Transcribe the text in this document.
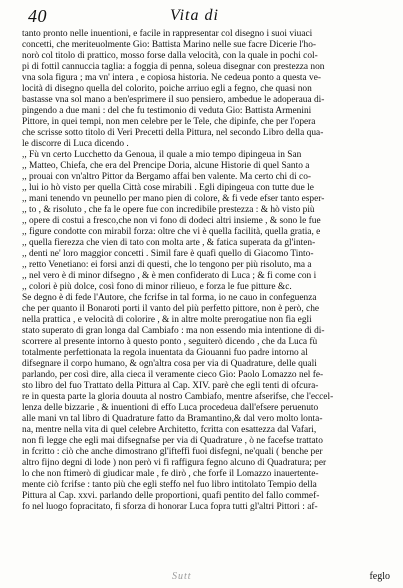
40	Vita di
tanto pronto nelle inuentioni, e facile in rappresentar col disegno i suoi viuaci
concetti, che meriteuolmente Gio: Battista Marino nelle sue facre Dicerie l'ho-
norò col titolo di prattico, mosso forse dalla velocità, con la quale in pochi col-
pi di fottil cannuccia taglia: a foggia di penna, soleua disegnar con prestezza non
vna sola figura ; ma vn' intera , e copiosa historia. Ne cedeua ponto a questa ve-
locità di disegno quella del colorito, poiche arriuo egli a fegno, che quasi non
bastasse vna sol mano a ben'esprimere il suo pensiero, ambedue le adoperaua di-
pingendo a due mani : del che fu testimonio di veduta Gio: Battista Armenini
Pittore, in quei tempi, non men celebre per le Tele, che dipinfe, che per l'opera
che scrisse sotto titolo di Veri Precetti della Pittura, nel secondo Libro della qua-
le discorre di Luca dicendo .
,, Fù vn certo Lucchetto da Genoua, il quale a mio tempo dipingeua in San
,, Matteo, Chiefa, che era del Prencipe Doria, alcune Historie di quel Santo a
,, prouai con vn'altro Pittor da Bergamo affai ben valente. Ma certo chi di co-
,, lui io hò visto per quella Città cose mirabili . Egli dipingeua con tutte due le
,, mani tenendo vn peunello per mano pien di colore, & fi vede efser tanto esper-
,, to , & risoluto , che fa le opere fue con incredibile prestezza : & hò visto più
,, opere di costui a fresco,che non vi fono di dodeci altri insieme , & sono le fue
,, figure condotte con mirabil forza: oltre che vi è quella facilità, quella gratia, e
,, quella fierezza che vien di tato con molta arte , & fatica superata da gl'inten-
,, denti ne' loro maggior concetti . Simil fare è quafi quello di Giacomo Tinto-
,, retto Venetiano: ei forsi anzi di questi, che lo tengono per più risoluto, ma a
,, nel vero è di minor difsegno , & è men confiderato di Luca ; & fi come con i
,, colori è più dolce, così fono di minor rilieuo, e forza le fue pitture &c.
Se degno è di fede l'Autore, che fcrifse in tal forma, io ne cauo in confeguenza
che per quanto il Bonaroti porti il vanto del più perfetto pittore, non è però, che
nella prattica , e velocità di colorire , & in altre molte prerogatiue non fia egli
stato superato di gran longa dal Cambiafo : ma non essendo mia intentione di di-
scorrere al presente intorno à questo ponto , seguiterò dicendo , che da Luca fù
totalmente perfettionata la regola inuentata da Giouanni fuo padre intorno al
difsegnare il corpo humano, & ogn'altra cosa per via di Quadrature, delle quali
parlando, per così dire, alla cieca il veramente cieco Gio: Paolo Lomazzo nel fe-
sto libro del fuo Trattato della Pittura al Cap. XIV. parè che egli tenti di ofcura-
re in questa parte la gloria douuta al nostro Cambiafo, mentre afserifse, che l'eccel-
lenza delle bizzarie , & inuentioni di effo Luca procedeua dall'efsere peruenuto
alle mani vn tal libro di Quadrature fatto da Bramantino,& dal vero molto lonta-
na, mentre nella vita di quel celebre Architetto, fcritta con esattezza dal Vafari,
non fi legge che egli mai difsegnafse per via di Quadrature , ò ne facefse trattato
in fcritto : ciò che anche dimostrano gl'ifteffi fuoi disfegni, ne'quali ( benche per
altro fijno degni di lode ) non però vi fi raffigura fegno alcuno di Quadratura; per
lo che non ftimerò di giudicar male , fe dirò , che forfe il Lomazzo inauertente-
mente ciò fcrifse : tanto più che egli steffo nel fuo libro intitolato Tempio della
Pittura al Cap. xxvi. parlando delle proportioni, quafi pentito del fallo commef-
fo nel luogo fopracitato, fi sforza di honorar Luca fopra tutti gl'altri Pittori : af-
Sutt	feglo
